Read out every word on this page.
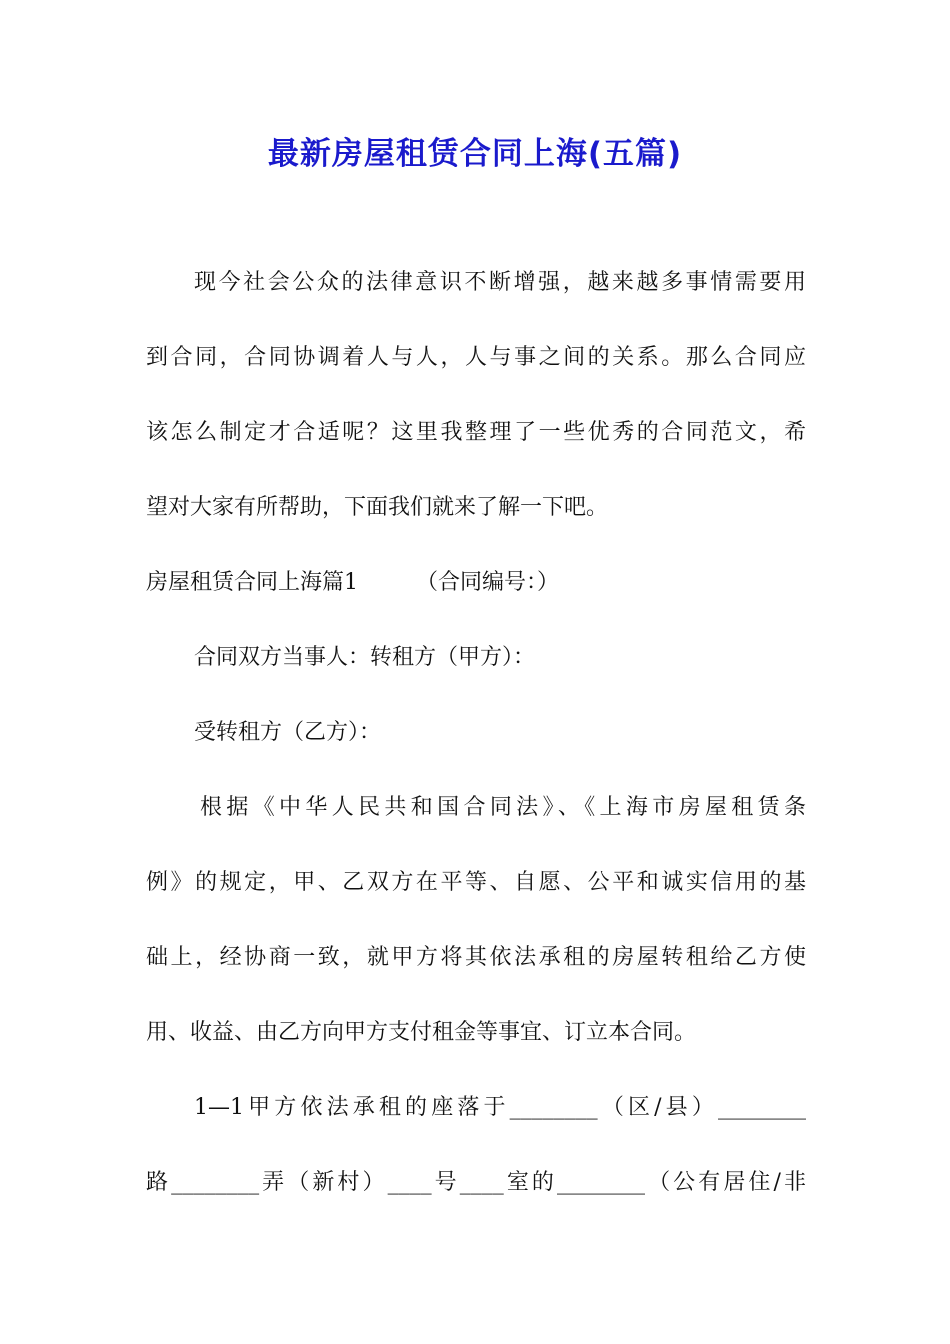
最新房屋租赁合同上海(五篇)

现今社会公众的法律意识不断增强，越来越多事情需要用

到合同，合同协调着人与人，人与事之间的关系。那么合同应

该怎么制定才合适呢？这里我整理了一些优秀的合同范文，希

望对大家有所帮助，下面我们就来了解一下吧。

房屋租赁合同上海篇1	（合同编号：）

合同双方当事人：转租方（甲方）：

受转租方（乙方）：

根据《中华人民共和国合同法》、《上海市房屋租赁条

例》的规定，甲、乙双方在平等、自愿、公平和诚实信用的基

础上，经协商一致，就甲方将其依法承租的房屋转租给乙方使

用、收益、由乙方向甲方支付租金等事宜、订立本合同。

1—1甲方依法承租的座落于________（区/县）________

路________弄（新村）____号____室的________（公有居住/非
